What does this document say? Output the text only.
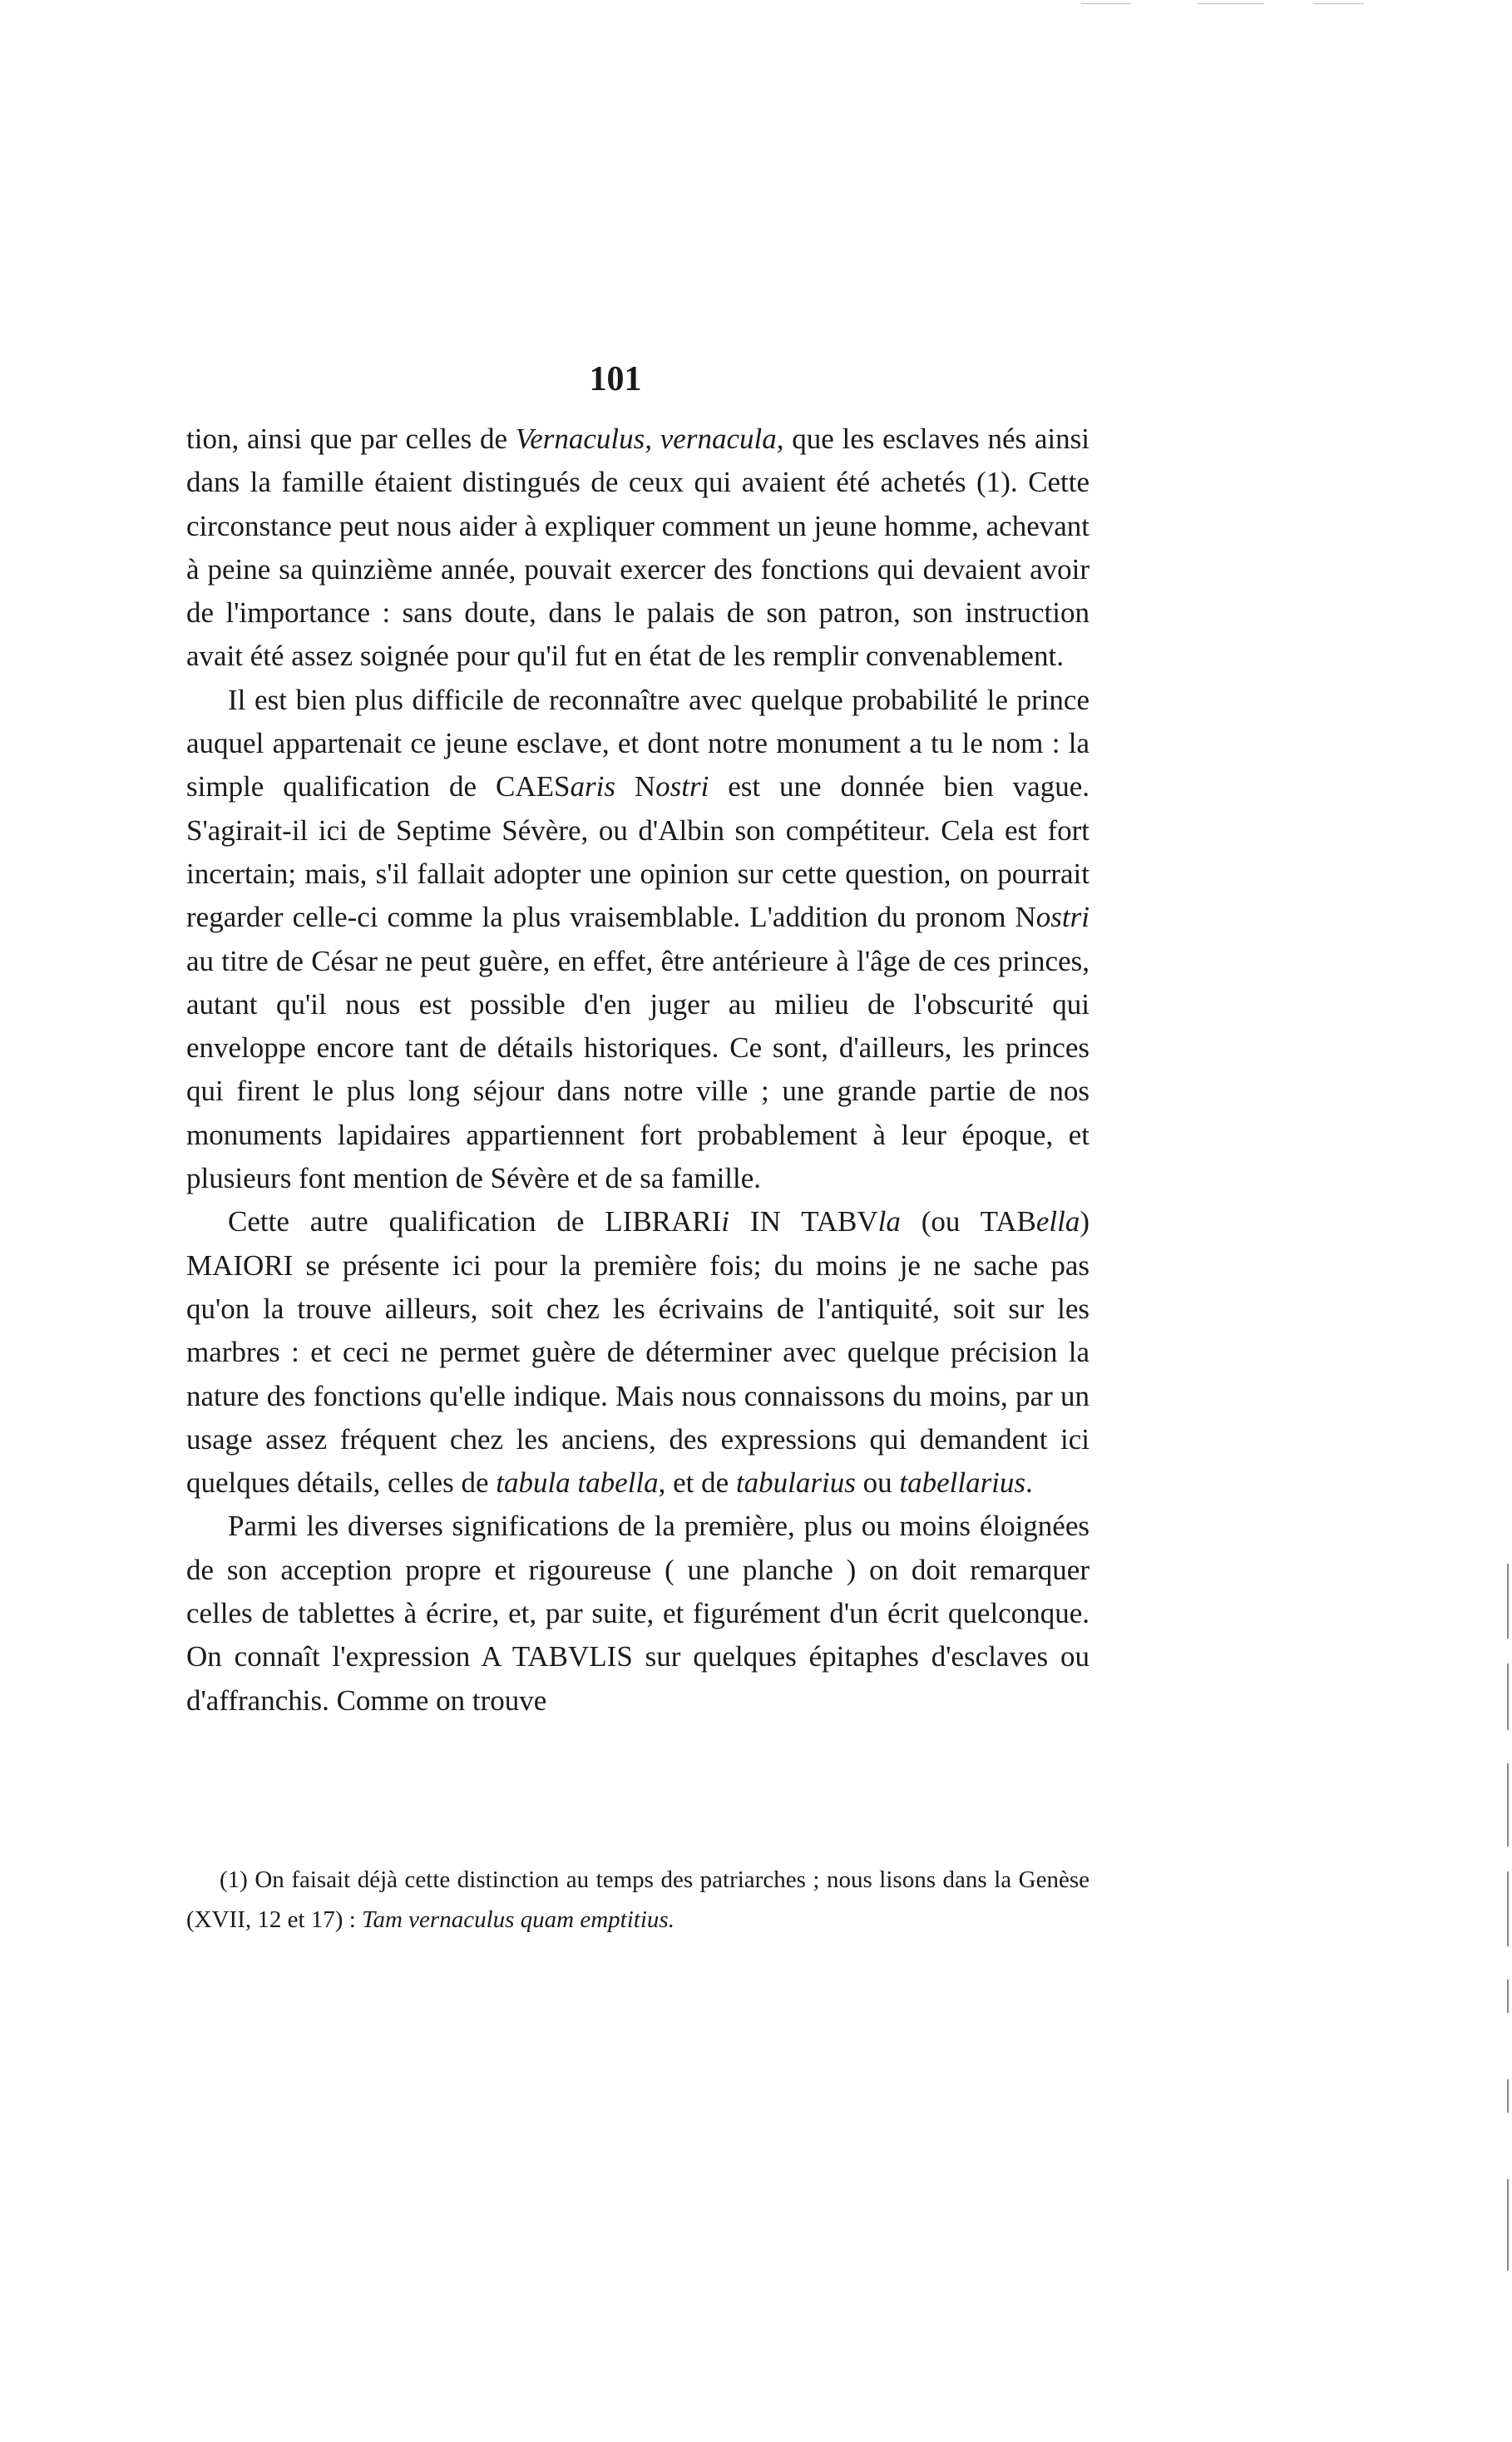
101

tion, ainsi que par celles de Vernaculus, vernacula, que les esclaves nés ainsi dans la famille étaient distingués de ceux qui avaient été achetés (1). Cette circonstance peut nous aider à expliquer comment un jeune homme, achevant à peine sa quinzième année, pouvait exercer des fonctions qui devaient avoir de l'importance : sans doute, dans le palais de son patron, son instruction avait été assez soignée pour qu'il fut en état de les remplir convenablement.

Il est bien plus difficile de reconnaître avec quelque probabilité le prince auquel appartenait ce jeune esclave, et dont notre monument a tu le nom : la simple qualification de CAESaris Nostri est une donnée bien vague. S'agirait-il ici de Septime Sévère, ou d'Albin son compétiteur. Cela est fort incertain; mais, s'il fallait adopter une opinion sur cette question, on pourrait regarder celle-ci comme la plus vraisemblable. L'addition du pronom Nostri au titre de César ne peut guère, en effet, être antérieure à l'âge de ces princes, autant qu'il nous est possible d'en juger au milieu de l'obscurité qui enveloppe encore tant de détails historiques. Ce sont, d'ailleurs, les princes qui firent le plus long séjour dans notre ville ; une grande partie de nos monuments lapidaires appartiennent fort probablement à leur époque, et plusieurs font mention de Sévère et de sa famille.

Cette autre qualification de LIBRARIi IN TABVla (ou TABella) MAIORI se présente ici pour la première fois; du moins je ne sache pas qu'on la trouve ailleurs, soit chez les écrivains de l'antiquité, soit sur les marbres : et ceci ne permet guère de déterminer avec quelque précision la nature des fonctions qu'elle indique. Mais nous connaissons du moins, par un usage assez fréquent chez les anciens, des expressions qui demandent ici quelques détails, celles de tabula tabella, et de tabularius ou tabellarius.

Parmi les diverses significations de la première, plus ou moins éloignées de son acception propre et rigoureuse ( une planche ) on doit remarquer celles de tablettes à écrire, et, par suite, et figurément d'un écrit quelconque. On connaît l'expression A TABVLIS sur quelques épitaphes d'esclaves ou d'affranchis. Comme on trouve

(1) On faisait déjà cette distinction au temps des patriarches ; nous lisons dans la Genèse (XVII, 12 et 17) : Tam vernaculus quam emptitius.
